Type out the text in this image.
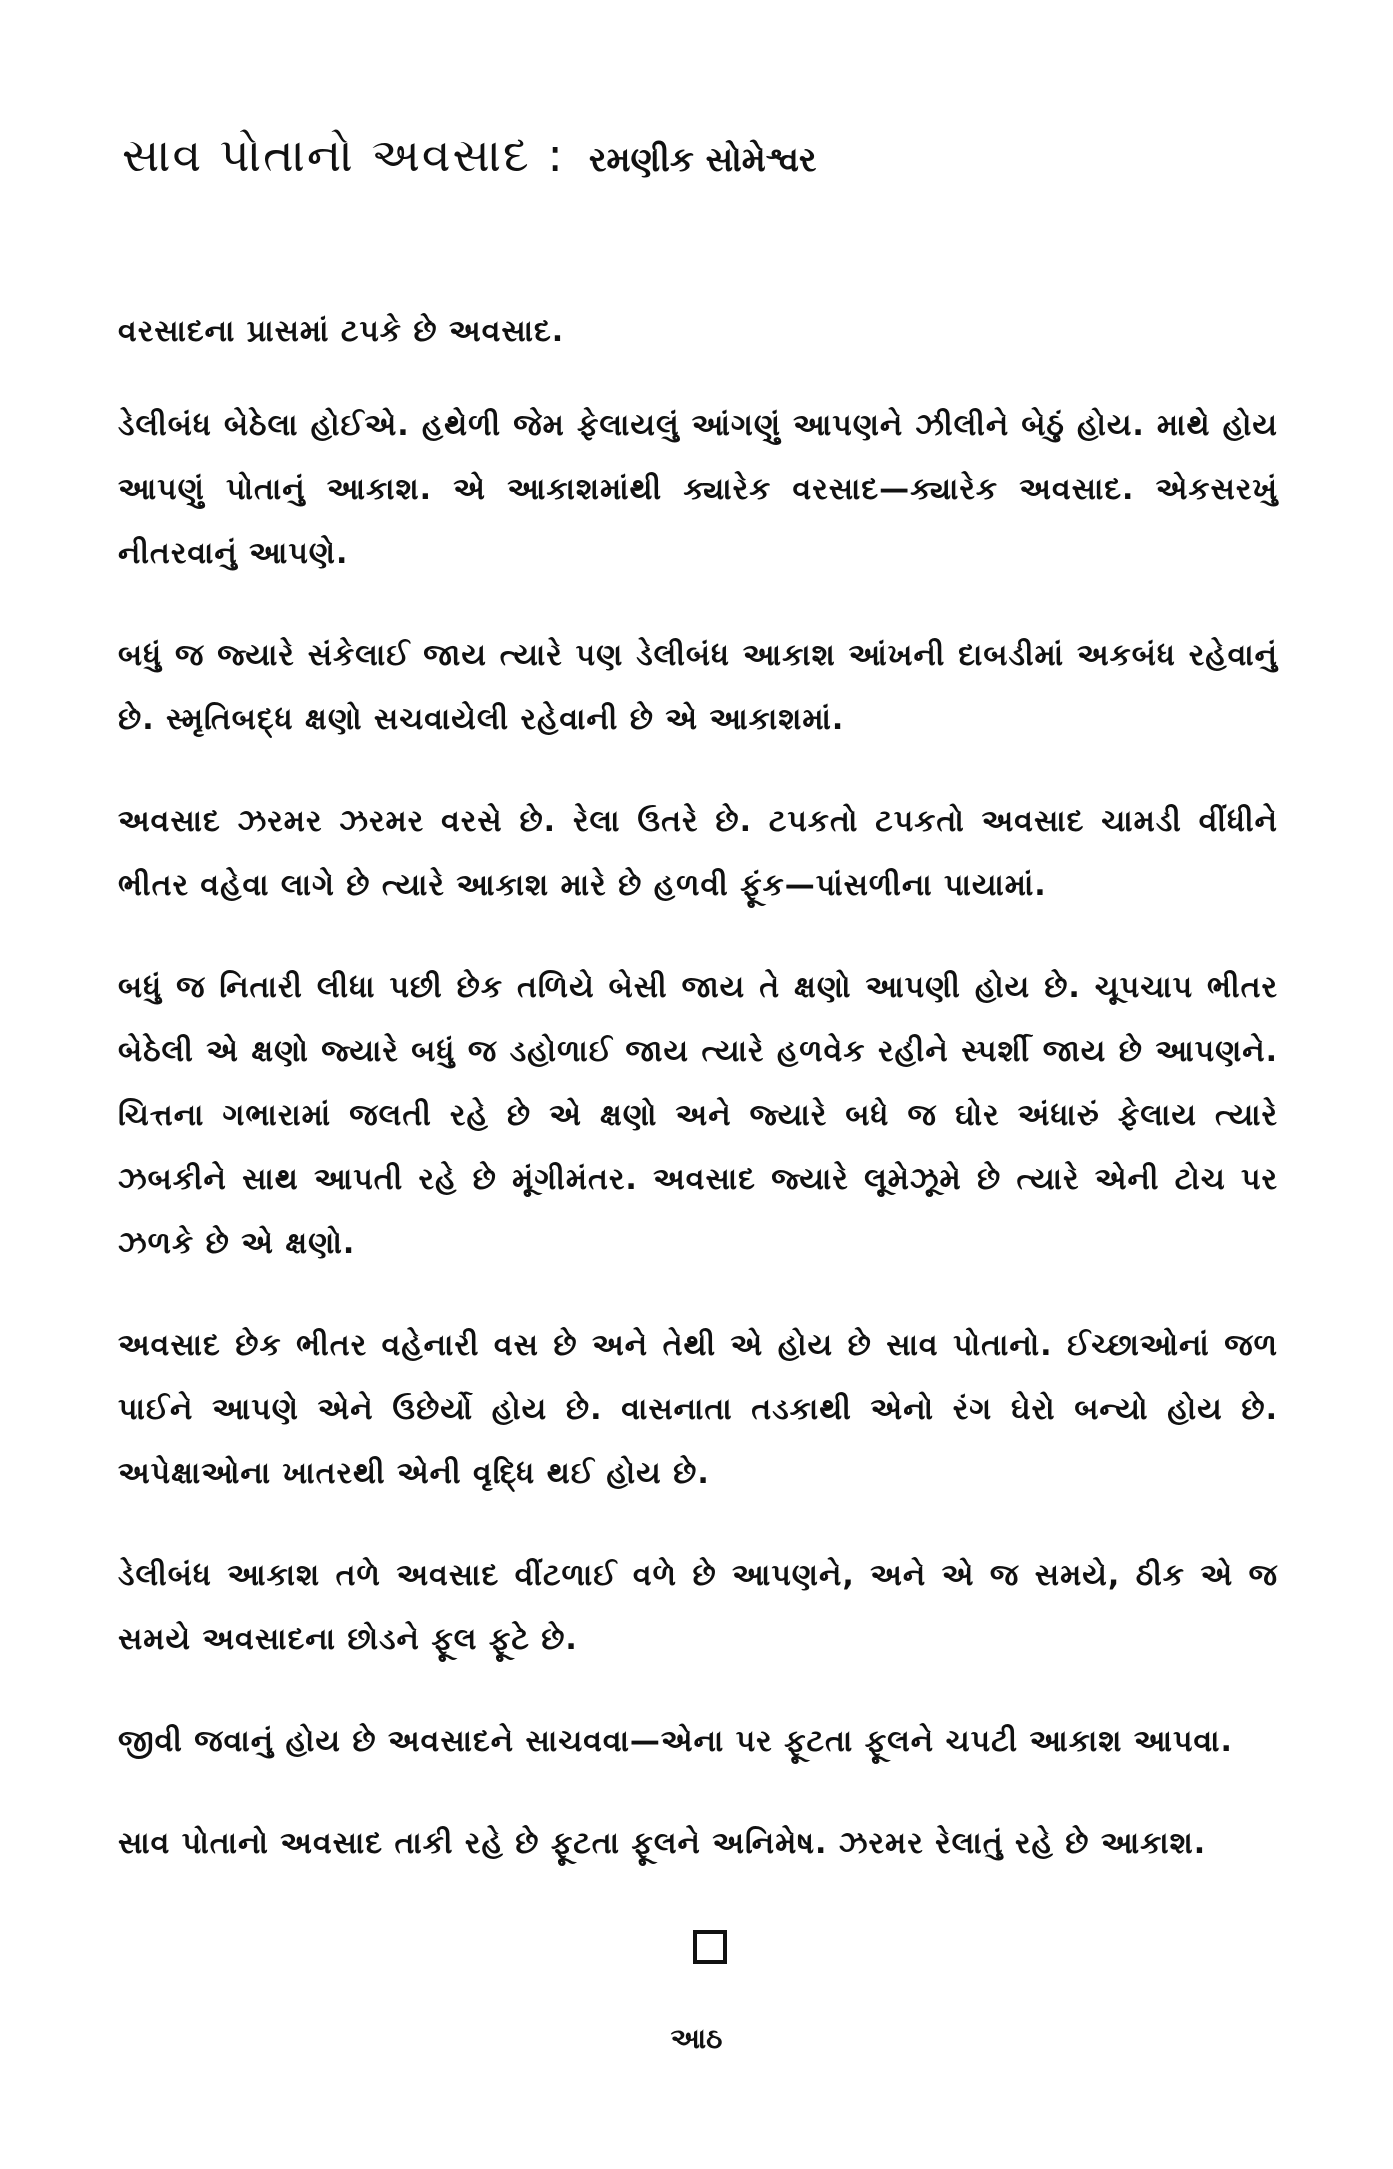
સાવ પોતાનો અવસાદ : રમણીક સોમેશ્વર

વરસાદના પ્રાસમાં ટપકે છે અવસાદ.

ડેલીબંધ બેઠેલા હોઈએ. હથેળી જેમ ફેલાયલું આંગણું આપણને ઝીલીને બેઠું હોય. માથે હોય આપણું પોતાનું આકાશ. એ આકાશમાંથી ક્યારેક વરસાદ—ક્યારેક અવસાદ. એકસરખું નીતરવાનું આપણે.

બધું જ જ્યારે સંકેલાઈ જાય ત્યારે પણ ડેલીબંધ આકાશ આંખની દાબડીમાં અકબંધ રહેવાનું છે. સ્મૃતિબદ્ધ ક્ષણો સચવાયેલી રહેવાની છે એ આકાશમાં.

અવસાદ ઝરમર ઝરમર વરસે છે. રેલા ઉતરે છે. ટપકતો ટપકતો અવસાદ ચામડી વીંધીને ભીતર વહેવા લાગે છે ત્યારે આકાશ મારે છે હળવી ફૂંક—પાંસળીના પાયામાં.

બધું જ નિતારી લીધા પછી છેક તળિયે બેસી જાય તે ક્ષણો આપણી હોય છે. ચૂપચાપ ભીતર બેઠેલી એ ક્ષણો જ્યારે બધું જ ડહોળાઈ જાય ત્યારે હળવેક રહીને સ્પર્શી જાય છે આપણને. ચિત્તના ગભારામાં જલતી રહે છે એ ક્ષણો અને જ્યારે બધે જ ઘોર અંધારું ફેલાય ત્યારે ઝબકીને સાથ આપતી રહે છે મૂંગીમંતર. અવસાદ જ્યારે લૂમેઝૂમે છે ત્યારે એની ટોચ પર ઝળકે છે એ ક્ષણો.

અવસાદ છેક ભીતર વહેનારી વસ છે અને તેથી એ હોય છે સાવ પોતાનો. ઈચ્છાઓનાં જળ પાઈને આપણે એને ઉછેર્યો હોય છે. વાસનાતા તડકાથી એનો રંગ ઘેરો બન્યો હોય છે. અપેક્ષાઓના ખાતરથી એની વૃદ્ધિ થઈ હોય છે.

ડેલીબંધ આકાશ તળે અવસાદ વીંટળાઈ વળે છે આપણને, અને એ જ સમયે, ઠીક એ જ સમયે અવસાદના છોડને ફૂલ ફૂટે છે.

જીવી જવાનું હોય છે અવસાદને સાચવવા—એના પર ફૂટતા ફૂલને ચપટી આકાશ આપવા.

સાવ પોતાનો અવસાદ તાકી રહે છે ફૂટતા ફૂલને અનિમેષ. ઝરમર રેલાતું રહે છે આકાશ.

આઠ
